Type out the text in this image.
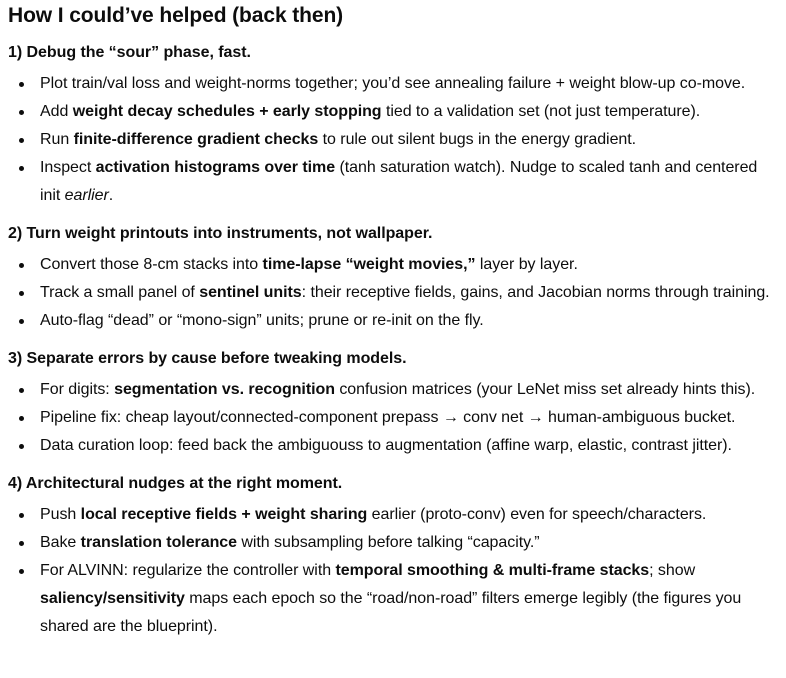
How I could’ve helped (back then)
1) Debug the “sour” phase, fast.
Plot train/val loss and weight-norms together; you’d see annealing failure + weight blow-up co-move.
Add weight decay schedules + early stopping tied to a validation set (not just temperature).
Run finite-difference gradient checks to rule out silent bugs in the energy gradient.
Inspect activation histograms over time (tanh saturation watch). Nudge to scaled tanh and centered init earlier.
2) Turn weight printouts into instruments, not wallpaper.
Convert those 8-cm stacks into time-lapse “weight movies,” layer by layer.
Track a small panel of sentinel units: their receptive fields, gains, and Jacobian norms through training.
Auto-flag “dead” or “mono-sign” units; prune or re-init on the fly.
3) Separate errors by cause before tweaking models.
For digits: segmentation vs. recognition confusion matrices (your LeNet miss set already hints this).
Pipeline fix: cheap layout/connected-component prepass → conv net → human-ambiguous bucket.
Data curation loop: feed back the ambiguouss to augmentation (affine warp, elastic, contrast jitter).
4) Architectural nudges at the right moment.
Push local receptive fields + weight sharing earlier (proto-conv) even for speech/characters.
Bake translation tolerance with subsampling before talking “capacity.”
For ALVINN: regularize the controller with temporal smoothing & multi-frame stacks; show saliency/sensitivity maps each epoch so the “road/non-road” filters emerge legibly (the figures you shared are the blueprint).
